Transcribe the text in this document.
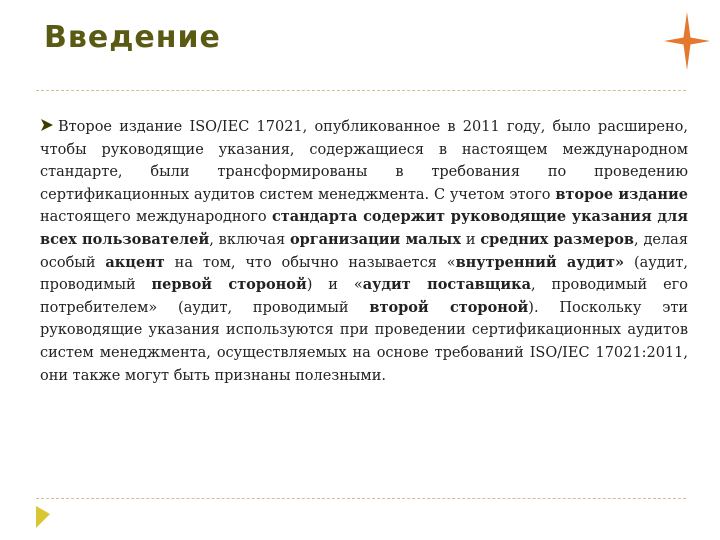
Введение

Второе издание ISO/IEC 17021, опубликованное в 2011 году, было расширено, чтобы руководящие указания, содержащиеся в настоящем международном стандарте, были трансформированы в требования по проведению сертификационных аудитов систем менеджмента. С учетом этого второе издание настоящего международного стандарта содержит руководящие указания для всех пользователей, включая организации малых и средних размеров, делая особый акцент на том, что обычно называется «внутренний аудит» (аудит, проводимый первой стороной) и «аудит поставщика, проводимый его потребителем» (аудит, проводимый второй стороной). Поскольку эти руководящие указания используются при проведении сертификационных аудитов систем менеджмента, осуществляемых на основе требований ISO/IEC 17021:2011, они также могут быть признаны полезными.
